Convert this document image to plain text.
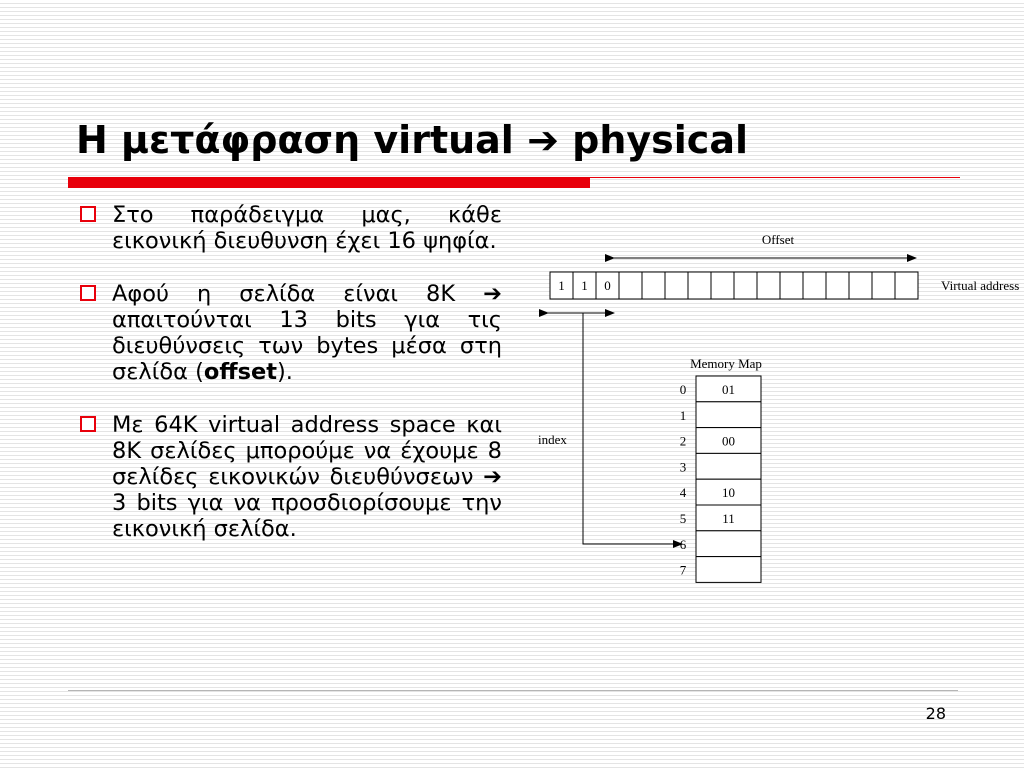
Η μετάφραση virtual ➔ physical
Στο παράδειγμα μας, κάθε εικονική διευθυνση έχει 16 ψηφία.
Αφού η σελίδα είναι 8K ➔ απαιτούνται 13 bits για τις διευθύνσεις των bytes μέσα στη σελίδα (offset).
Με 64K virtual address space και 8K σελίδες μπορούμε να έχουμε 8 σελίδες εικονικών διευθύνσεων ➔ 3 bits για να προσδιορίσουμε την εικονική σελίδα.
Offset
1 1 0	Virtual address
index
Memory Map
0	01
1
2	00
3
4	10
5	11
6
7
28
